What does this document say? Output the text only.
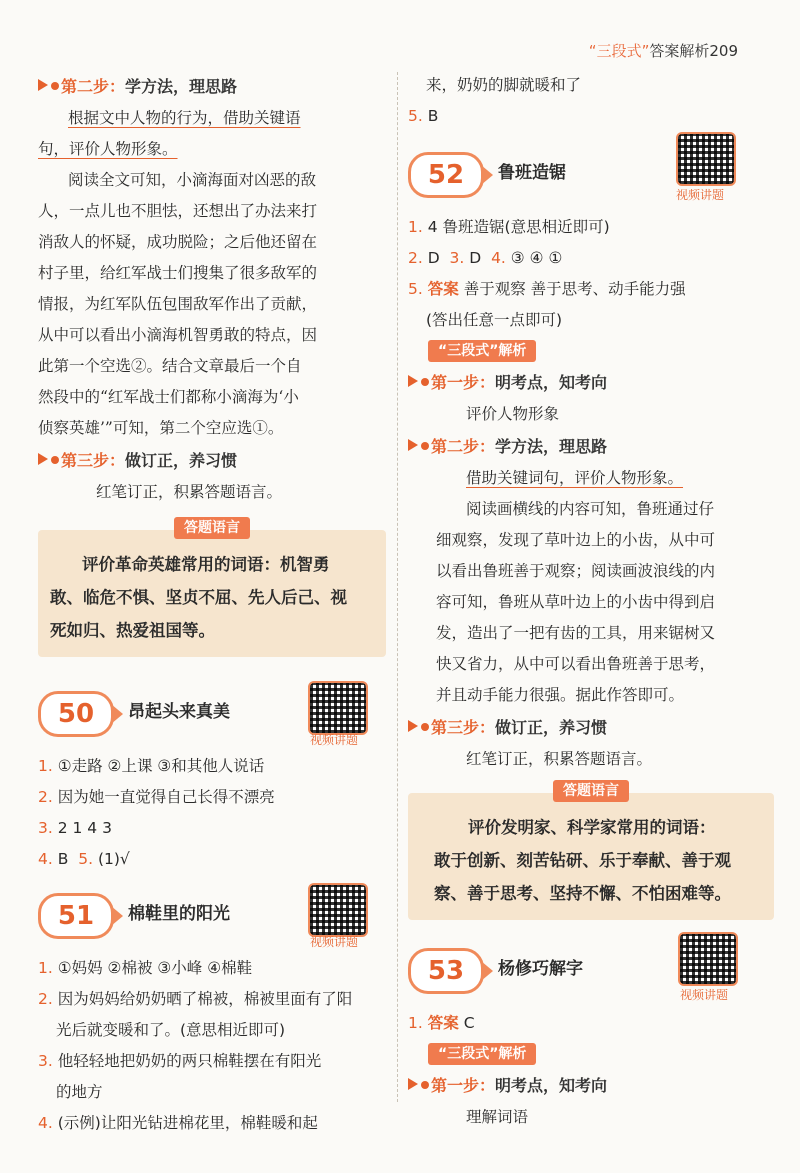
“三段式”答案解析209
第二步：学方法，理思路
根据文中人物的行为，借助关键语
句，评价人物形象。
阅读全文可知，小滴海面对凶恶的敌
人，一点儿也不胆怯，还想出了办法来打
消敌人的怀疑，成功脱险；之后他还留在
村子里，给红军战士们搜集了很多敌军的
情报，为红军队伍包围敌军作出了贡献，
从中可以看出小滴海机智勇敢的特点，因
此第一个空选②。结合文章最后一个自
然段中的“红军战士们都称小滴海为‘小
侦察英雄’”可知，第二个空应选①。
第三步：做订正，养习惯
红笔订正，积累答题语言。
答题语言
评价革命英雄常用的词语：机智勇
敢、临危不惧、坚贞不屈、先人后己、视
死如归、热爱祖国等。
50	昂起头来真美
视频讲题
1. ①走路 ②上课 ③和其他人说话
2. 因为她一直觉得自己长得不漂亮
3. 2 1 4 3
4. B 5. (1)√
51	棉鞋里的阳光
视频讲题
1. ①妈妈 ②棉被 ③小峰 ④棉鞋
2. 因为妈妈给奶奶晒了棉被，棉被里面有了阳
光后就变暖和了。(意思相近即可)
3. 他轻轻地把奶奶的两只棉鞋摆在有阳光
的地方
4. (示例)让阳光钻进棉花里，棉鞋暖和起
来，奶奶的脚就暖和了
5. B
52	鲁班造锯
视频讲题
1. 4 鲁班造锯(意思相近即可)
2. D 3. D 4. ③ ④ ①
5. 答案 善于观察 善于思考、动手能力强
(答出任意一点即可)
“三段式”解析
第一步：明考点，知考向
评价人物形象
第二步：学方法，理思路
借助关键词句，评价人物形象。
阅读画横线的内容可知，鲁班通过仔
细观察，发现了草叶边上的小齿，从中可
以看出鲁班善于观察；阅读画波浪线的内
容可知，鲁班从草叶边上的小齿中得到启
发，造出了一把有齿的工具，用来锯树又
快又省力，从中可以看出鲁班善于思考，
并且动手能力很强。据此作答即可。
第三步：做订正，养习惯
红笔订正，积累答题语言。
答题语言
评价发明家、科学家常用的词语：
敢于创新、刻苦钻研、乐于奉献、善于观
察、善于思考、坚持不懈、不怕困难等。
53	杨修巧解字
视频讲题
1. 答案 C
“三段式”解析
第一步：明考点，知考向
理解词语
